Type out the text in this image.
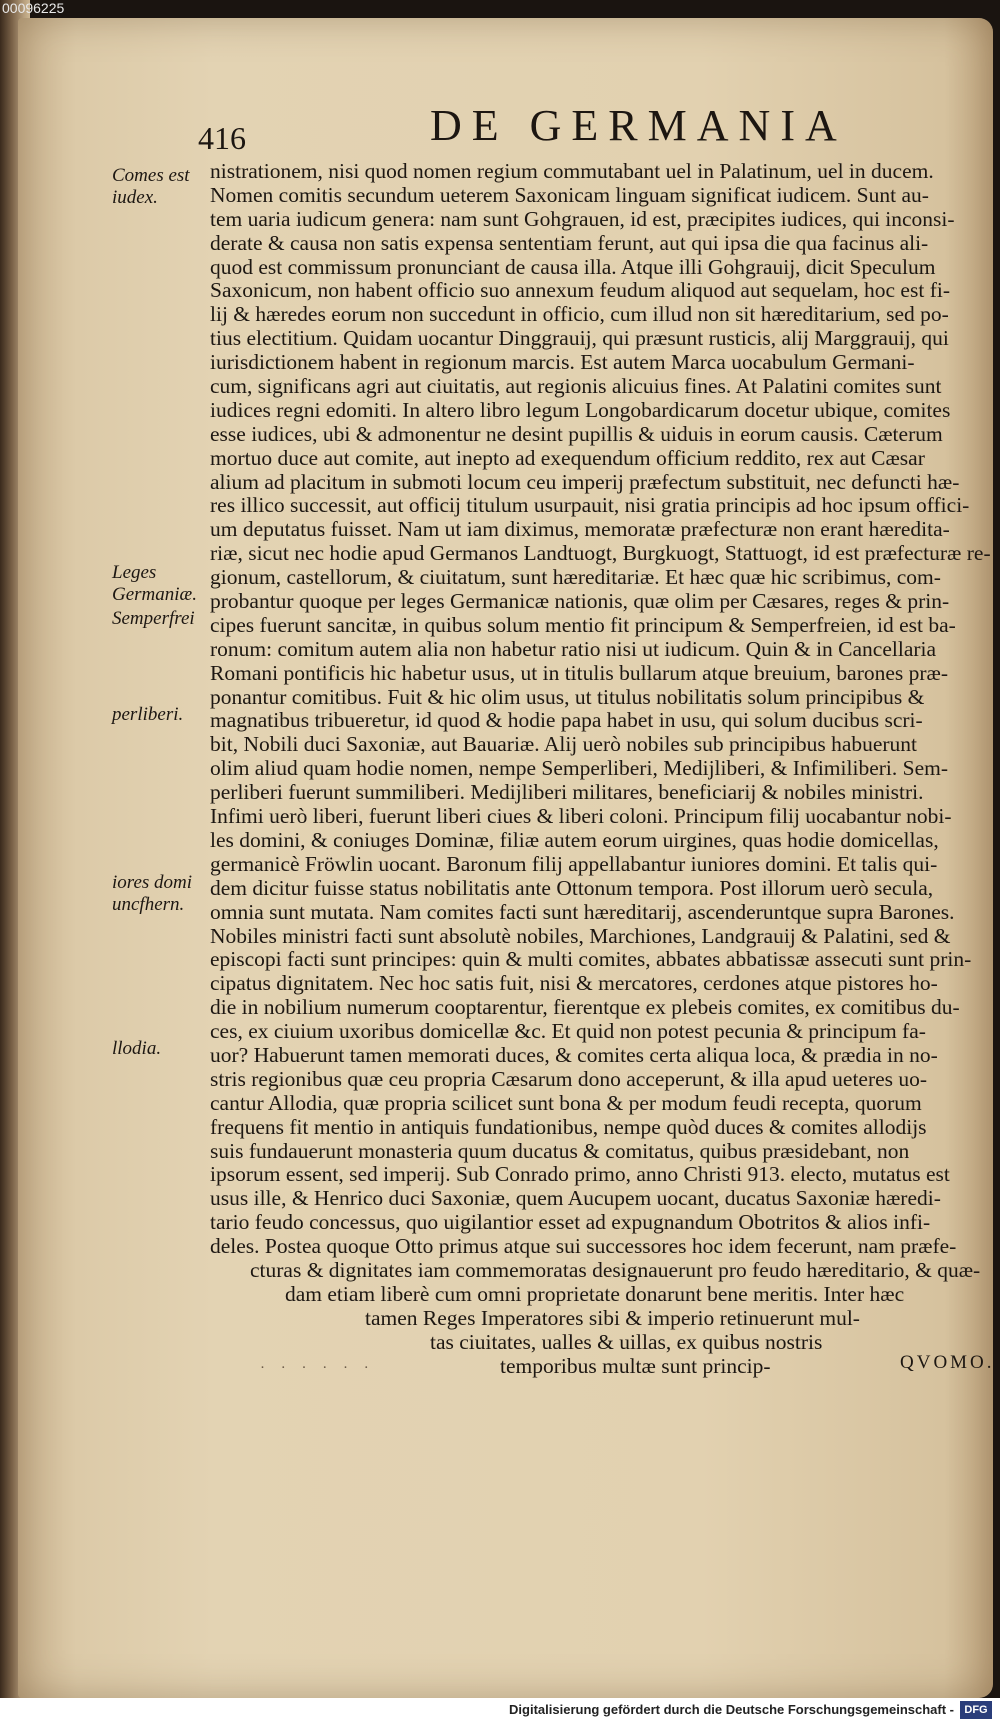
00096225
416	DE GERMANIA
Comes est iudex.
Leges Germaniæ.
Semperfrei
perliberi.
iores domi uncfhern.
llodia.
nistrationem, nisi quod nomen regium commutabant uel in Palatinum, uel in ducem.
Nomen comitis secundum ueterem Saxonicam linguam significat iudicem. Sunt au-
tem uaria iudicum genera: nam sunt Gohgrauen, id est, præcipites iudices, qui inconsi-
derate & causa non satis expensa sententiam ferunt, aut qui ipsa die qua facinus ali-
quod est commissum pronunciant de causa illa. Atque illi Gohgrauij, dicit Speculum
Saxonicum, non habent officio suo annexum feudum aliquod aut sequelam, hoc est fi-
lij & hæredes eorum non succedunt in officio, cum illud non sit hæreditarium, sed po-
tius electitium. Quidam uocantur Dinggrauij, qui præsunt rusticis, alij Marggrauij, qui
iurisdictionem habent in regionum marcis. Est autem Marca uocabulum Germani-
cum, significans agri aut ciuitatis, aut regionis alicuius fines. At Palatini comites sunt
iudices regni edomiti. In altero libro legum Longobardicarum docetur ubique, comites
esse iudices, ubi & admonentur ne desint pupillis & uiduis in eorum causis. Cæterum
mortuo duce aut comite, aut inepto ad exequendum officium reddito, rex aut Cæsar
alium ad placitum in submoti locum ceu imperij præfectum substituit, nec defuncti hæ-
res illico successit, aut officij titulum usurpauit, nisi gratia principis ad hoc ipsum offici-
um deputatus fuisset. Nam ut iam diximus, memoratæ præfecturæ non erant hæredita-
riæ, sicut nec hodie apud Germanos Landtuogt, Burgkuogt, Stattuogt, id est præfecturæ re-
gionum, castellorum, & ciuitatum, sunt hæreditariæ. Et hæc quæ hic scribimus, com-
probantur quoque per leges Germanicæ nationis, quæ olim per Cæsares, reges & prin-
cipes fuerunt sancitæ, in quibus solum mentio fit principum & Semperfreien, id est ba-
ronum: comitum autem alia non habetur ratio nisi ut iudicum. Quin & in Cancellaria
Romani pontificis hic habetur usus, ut in titulis bullarum atque breuium, barones præ-
ponantur comitibus. Fuit & hic olim usus, ut titulus nobilitatis solum principibus &
magnatibus tribueretur, id quod & hodie papa habet in usu, qui solum ducibus scri-
bit, Nobili duci Saxoniæ, aut Bauariæ. Alij uerò nobiles sub principibus habuerunt
olim aliud quam hodie nomen, nempe Semperliberi, Medijliberi, & Infimiliberi. Sem-
perliberi fuerunt summiliberi. Medijliberi militares, beneficiarij & nobiles ministri.
Infimi uerò liberi, fuerunt liberi ciues & liberi coloni. Principum filij uocabantur nobi-
les domini, & coniuges Dominæ, filiæ autem eorum uirgines, quas hodie domicellas,
germanicè Fröwlin uocant. Baronum filij appellabantur iuniores domini. Et talis qui-
dem dicitur fuisse status nobilitatis ante Ottonum tempora. Post illorum uerò secula,
omnia sunt mutata. Nam comites facti sunt hæreditarij, ascenderuntque supra Barones.
Nobiles ministri facti sunt absolutè nobiles, Marchiones, Landgrauij & Palatini, sed &
episcopi facti sunt principes: quin & multi comites, abbates abbatissæ assecuti sunt prin-
cipatus dignitatem. Nec hoc satis fuit, nisi & mercatores, cerdones atque pistores ho-
die in nobilium numerum cooptarentur, fierentque ex plebeis comites, ex comitibus du-
ces, ex ciuium uxoribus domicellæ &c. Et quid non potest pecunia & principum fa-
uor? Habuerunt tamen memorati duces, & comites certa aliqua loca, & prædia in no-
stris regionibus quæ ceu propria Cæsarum dono acceperunt, & illa apud ueteres uo-
cantur Allodia, quæ propria scilicet sunt bona & per modum feudi recepta, quorum
frequens fit mentio in antiquis fundationibus, nempe quòd duces & comites allodijs
suis fundauerunt monasteria quum ducatus & comitatus, quibus præsidebant, non
ipsorum essent, sed imperij. Sub Conrado primo, anno Christi 913. electo, mutatus est
usus ille, & Henrico duci Saxoniæ, quem Aucupem uocant, ducatus Saxoniæ hæredi-
tario feudo concessus, quo uigilantior esset ad expugnandum Obotritos & alios infi-
deles. Postea quoque Otto primus atque sui successores hoc idem fecerunt, nam præfe-
cturas & dignitates iam commemoratas designauerunt pro feudo hæreditario, & quæ-
dam etiam liberè cum omni proprietate donarunt bene meritis. Inter hæc
tamen Reges Imperatores sibi & imperio retinuerunt mul-
tas ciuitates, ualles & uillas, ex quibus nostris
temporibus multæ sunt princip-
· · · · · ·	QVOMO.
Digitalisierung gefördert durch die Deutsche Forschungsgemeinschaft - DFG
